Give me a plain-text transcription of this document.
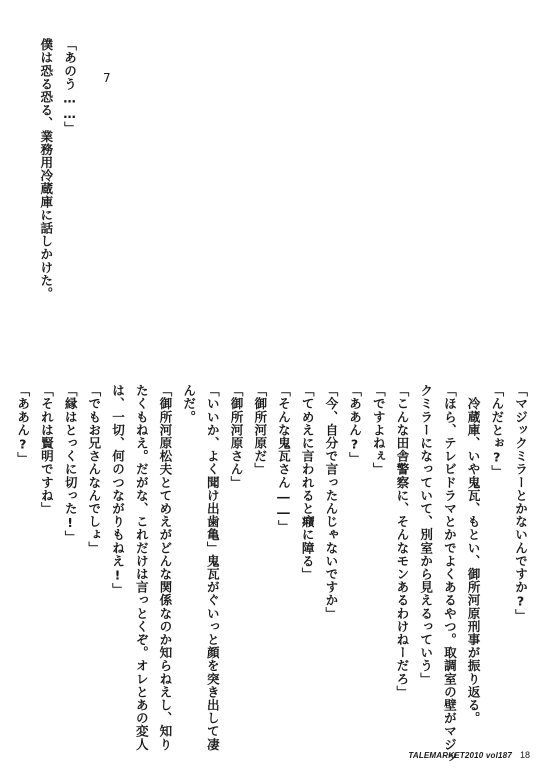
7
「あのう……」
僕は恐る恐る、業務用冷蔵庫に話しかけた。
「マジックミラーとかないんですか?」
「んだとぉ?」
　冷蔵庫、いや鬼瓦、もとい、御所河原刑事が振り返る。
「ほら、テレビドラマとかでよくあるやつ。取調室の壁がマジッ
クミラーになっていて、別室から見えるっていう」
「こんな田舎警察に、そんなモンあるわけねーだろ」
「ですよねぇ」
「ああん?」
「今、自分で言ったんじゃないですか」
「てめえに言われると癪に障る」
「そんな鬼瓦さん――」
「御所河原だ」
「御所河原さん」
「いいか、よく聞け出歯亀」鬼瓦がぐいっと顔を突き出して凄
んだ。
「御所河原松夫とてめえがどんな関係なのか知らねえし、知り
たくもねえ。だがな、これだけは言っとくぞ。オレとあの変人
は、一切、何のつながりもねえ!」
「でもお兄さんなんでしょ」
「縁はとっくに切った!」
「それは賢明ですね」
「ああん?」
TALEMARKET2010 vol187 18
